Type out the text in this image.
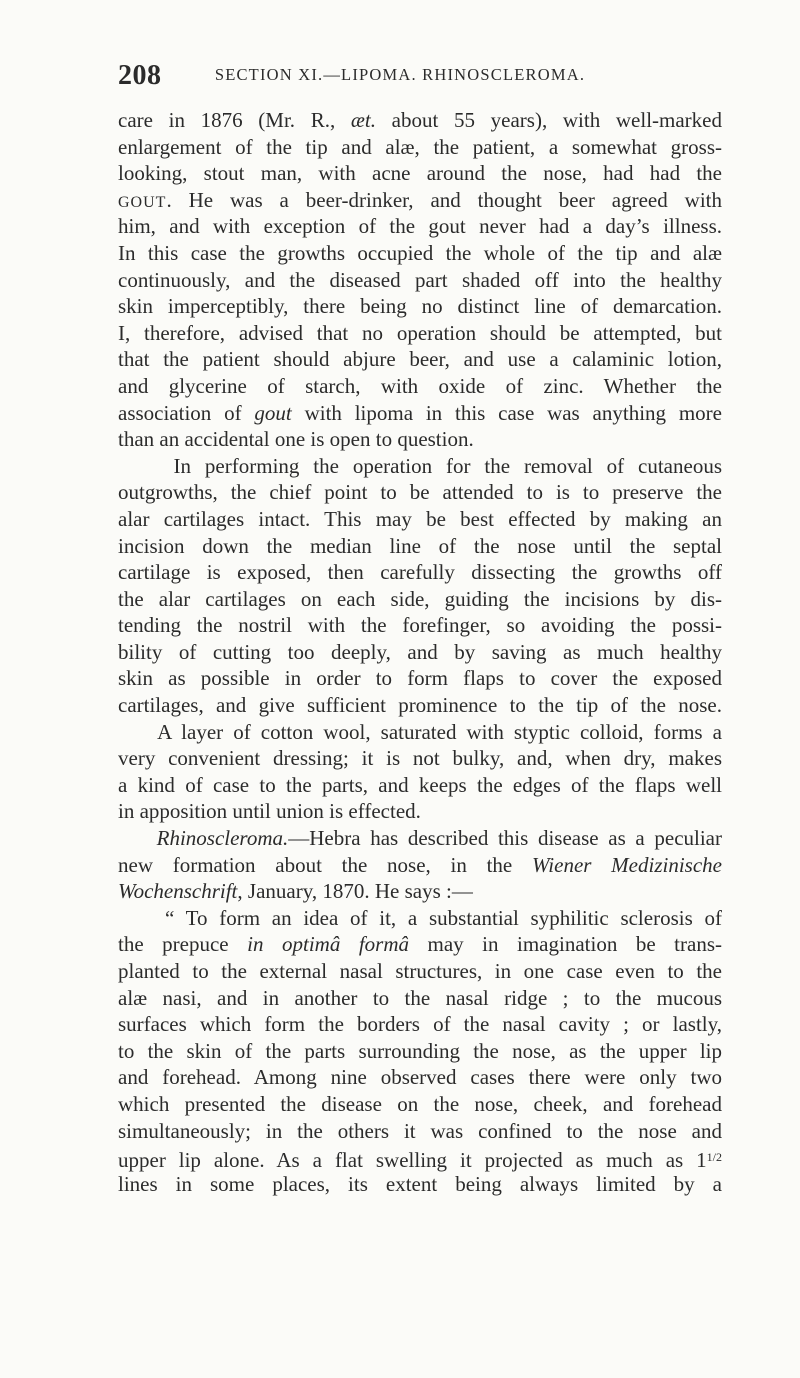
208	SECTION XI.—LIPOMA. RHINOSCLEROMA.
care in 1876 (Mr. R., æt. about 55 years), with well-marked
enlargement of the tip and alæ, the patient, a somewhat gross-
looking, stout man, with acne around the nose, had had the
GOUT. He was a beer-drinker, and thought beer agreed with
him, and with exception of the gout never had a day’s illness.
In this case the growths occupied the whole of the tip and alæ
continuously, and the diseased part shaded off into the healthy
skin imperceptibly, there being no distinct line of demarcation.
I, therefore, advised that no operation should be attempted, but
that the patient should abjure beer, and use a calaminic lotion,
and glycerine of starch, with oxide of zinc. Whether the
association of gout with lipoma in this case was anything more
than an accidental one is open to question.
In performing the operation for the removal of cutaneous
outgrowths, the chief point to be attended to is to preserve the
alar cartilages intact. This may be best effected by making an
incision down the median line of the nose until the septal
cartilage is exposed, then carefully dissecting the growths off
the alar cartilages on each side, guiding the incisions by dis-
tending the nostril with the forefinger, so avoiding the possi-
bility of cutting too deeply, and by saving as much healthy
skin as possible in order to form flaps to cover the exposed
cartilages, and give sufficient prominence to the tip of the nose.
A layer of cotton wool, saturated with styptic colloid, forms a
very convenient dressing; it is not bulky, and, when dry, makes
a kind of case to the parts, and keeps the edges of the flaps well
in apposition until union is effected.
Rhinoscleroma.—Hebra has described this disease as a peculiar
new formation about the nose, in the Wiener Medizinische
Wochenschrift, January, 1870. He says :—
“ To form an idea of it, a substantial syphilitic sclerosis of
the prepuce in optimâ formâ may in imagination be trans-
planted to the external nasal structures, in one case even to the
alæ nasi, and in another to the nasal ridge ; to the mucous
surfaces which form the borders of the nasal cavity ; or lastly,
to the skin of the parts surrounding the nose, as the upper lip
and forehead. Among nine observed cases there were only two
which presented the disease on the nose, cheek, and forehead
simultaneously; in the others it was confined to the nose and
upper lip alone. As a flat swelling it projected as much as $1^{1/2}$
lines in some places, its extent being always limited by a
